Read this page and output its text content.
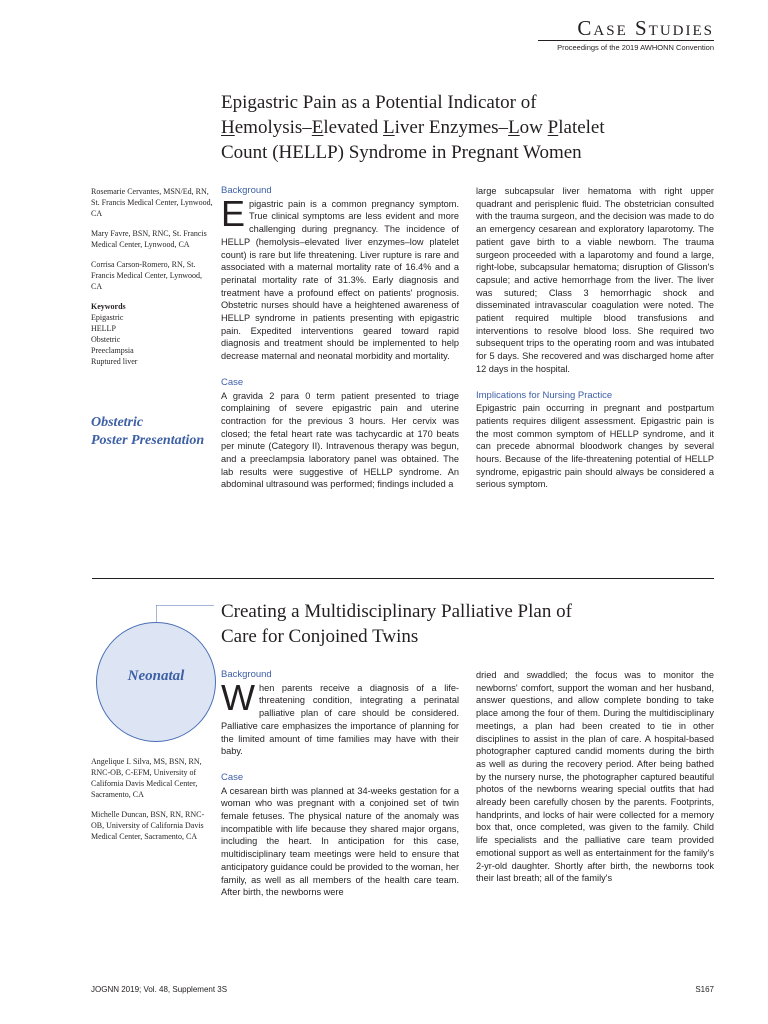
Case Studies
Proceedings of the 2019 AWHONN Convention
Epigastric Pain as a Potential Indicator of
Hemolysis–Elevated Liver Enzymes–Low Platelet
Count (HELLP) Syndrome in Pregnant Women

Rosemarie Cervantes, MSN/Ed, RN, St. Francis Medical Center, Lynwood, CA

Mary Favre, BSN, RNC, St. Francis Medical Center, Lynwood, CA

Corrisa Carson-Romero, RN, St. Francis Medical Center, Lynwood, CA

Keywords
Epigastric
HELLP
Obstetric
Preeclampsia
Ruptured liver
Obstetric
Poster Presentation
Background

Epigastric pain is a common pregnancy symptom. True clinical symptoms are less evident and more challenging during pregnancy. The incidence of HELLP (hemolysis–elevated liver enzymes–low platelet count) is rare but life threatening. Liver rupture is rare and associated with a maternal mortality rate of 16.4% and a perinatal mortality rate of 31.3%. Early diagnosis and treatment have a profound effect on patients' prognosis. Obstetric nurses should have a heightened awareness of HELLP syndrome in patients presenting with epigastric pain. Expedited interventions geared toward rapid diagnosis and treatment should be implemented to help decrease maternal and neonatal morbidity and mortality.

Case

A gravida 2 para 0 term patient presented to triage complaining of severe epigastric pain and uterine contraction for the previous 3 hours. Her cervix was closed; the fetal heart rate was tachycardic at 170 beats per minute (Category II). Intravenous therapy was begun, and a preeclampsia laboratory panel was obtained. The lab results were suggestive of HELLP syndrome. An abdominal ultrasound was performed; findings included a

large subcapsular liver hematoma with right upper quadrant and perisplenic fluid. The obstetrician consulted with the trauma surgeon, and the decision was made to do an emergency cesarean and exploratory laparotomy. The patient gave birth to a viable newborn. The trauma surgeon proceeded with a laparotomy and found a large, right-lobe, subcapsular hematoma; disruption of Glisson's capsule; and active hemorrhage from the liver. The liver was sutured; Class 3 hemorrhagic shock and disseminated intravascular coagulation were noted. The patient required multiple blood transfusions and interventions to resolve blood loss. She required two subsequent trips to the operating room and was intubated for 5 days. She recovered and was discharged home after 12 days in the hospital.

Implications for Nursing Practice

Epigastric pain occurring in pregnant and postpartum patients requires diligent assessment. Epigastric pain is the most common symptom of HELLP syndrome, and it can precede abnormal bloodwork changes by several hours. Because of the life-threatening potential of HELLP syndrome, epigastric pain should always be considered a serious symptom.

Creating a Multidisciplinary Palliative Plan of
Care for Conjoined Twins
Neonatal

Angelique I. Silva, MS, BSN, RN, RNC-OB, C-EFM, University of California Davis Medical Center, Sacramento, CA

Michelle Duncan, BSN, RN, RNC-OB, University of California Davis Medical Center, Sacramento, CA

Background

When parents receive a diagnosis of a life-threatening condition, integrating a perinatal palliative plan of care should be considered. Palliative care emphasizes the importance of planning for the limited amount of time families may have with their baby.

Case

A cesarean birth was planned at 34-weeks gestation for a woman who was pregnant with a conjoined set of twin female fetuses. The physical nature of the anomaly was incompatible with life because they shared major organs, including the heart. In anticipation for this case, multidisciplinary team meetings were held to ensure that anticipatory guidance could be provided to the woman, her family, as well as all members of the health care team. After birth, the newborns were

dried and swaddled; the focus was to monitor the newborns' comfort, support the woman and her husband, answer questions, and allow complete bonding to take place among the four of them. During the multidisciplinary meetings, a plan had been created to tie in other disciplines to assist in the plan of care. A hospital-based photographer captured candid moments during the birth as well as during the recovery period. After being bathed by the nursery nurse, the photographer captured beautiful photos of the newborns wearing special outfits that had already been carefully chosen by the parents. Footprints, handprints, and locks of hair were collected for a memory box that, once completed, was given to the family. Child life specialists and the palliative care team provided emotional support as well as entertainment for the family's 2-yr-old daughter. Shortly after birth, the newborns took their last breath; all of the family's

JOGNN 2019; Vol. 48, Supplement 3S	S167
